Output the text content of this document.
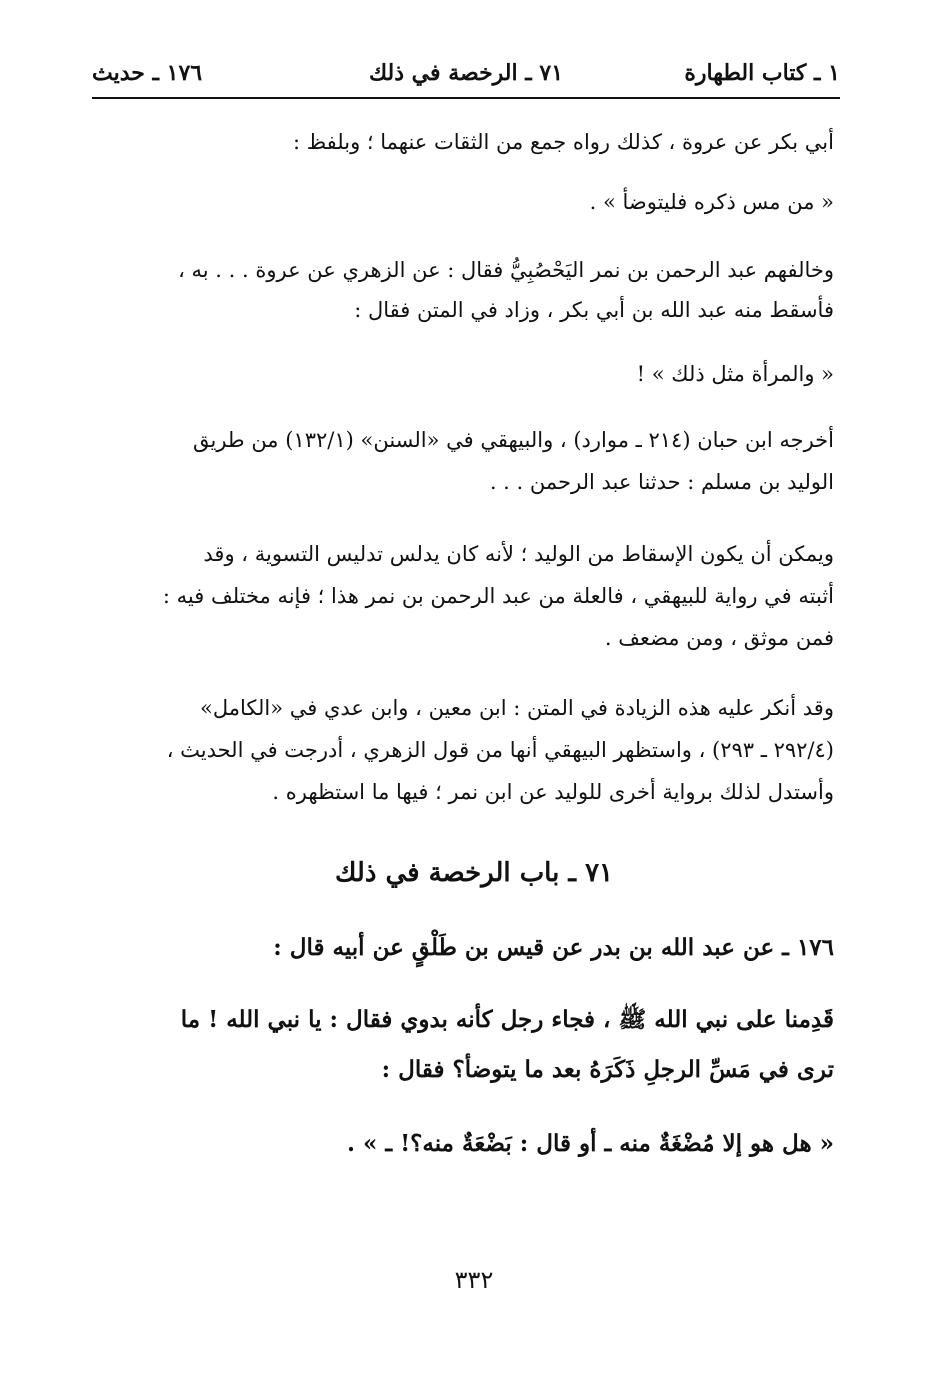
١ ـ كتاب الطهارة
٧١ ـ الرخصة في ذلك
١٧٦ ـ حديث
أبي بكر عن عروة ، كذلك رواه جمع من الثقات عنهما ؛ وبلفظ :
« من مس ذكره فليتوضأ » .
وخالفهم عبد الرحمن بن نمر اليَحْصُبِيُّ فقال : عن الزهري عن عروة . . . به ،
فأسقط منه عبد الله بن أبي بكر ، وزاد في المتن فقال :
« والمرأة مثل ذلك » !
أخرجه ابن حبان (٢١٤ ـ موارد) ، والبيهقي في «السنن» (١٣٢/١) من طريق
الوليد بن مسلم : حدثنا عبد الرحمن . . .
ويمكن أن يكون الإسقاط من الوليد ؛ لأنه كان يدلس تدليس التسوية ، وقد
أثبته في رواية للبيهقي ، فالعلة من عبد الرحمن بن نمر هذا ؛ فإنه مختلف فيه :
فمن موثق ، ومن مضعف .
وقد أنكر عليه هذه الزيادة في المتن : ابن معين ، وابن عدي في «الكامل»
(٢٩٢/٤ ـ ٢٩٣) ، واستظهر البيهقي أنها من قول الزهري ، أدرجت في الحديث ،
وأستدل لذلك برواية أخرى للوليد عن ابن نمر ؛ فيها ما استظهره .
٧١ ـ باب الرخصة في ذلك
١٧٦ ـ عن عبد الله بن بدر عن قيس بن طَلْقٍ عن أبيه قال :
قَدِمنا على نبي الله ﷺ ، فجاء رجل كأنه بدوي فقال : يا نبي الله ! ما
ترى في مَسِّ الرجلِ ذَكَرَهُ بعد ما يتوضأ؟ فقال :
« هل هو إلا مُضْغَةٌ منه ـ أو قال : بَضْعَةٌ منه؟! ـ » .
٣٣٢
